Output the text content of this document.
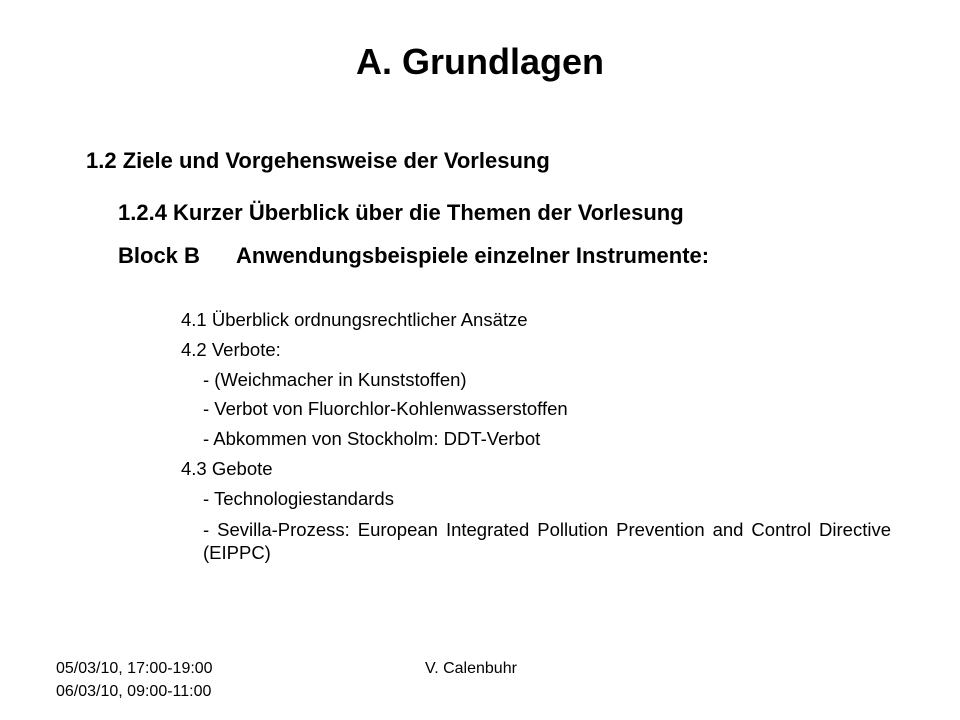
A. Grundlagen
1.2 Ziele und Vorgehensweise der Vorlesung
1.2.4 Kurzer Überblick über die Themen der Vorlesung
Block B Anwendungsbeispiele einzelner Instrumente:
4.1 Überblick ordnungsrechtlicher Ansätze
4.2 Verbote:
- (Weichmacher in Kunststoffen)
- Verbot von Fluorchlor-Kohlenwasserstoffen
- Abkommen von Stockholm: DDT-Verbot
4.3 Gebote
- Technologiestandards
- Sevilla-Prozess: European Integrated Pollution Prevention and Control Directive (EIPPC)
05/03/10, 17:00-19:00
06/03/10, 09:00-11:00
V. Calenbuhr
